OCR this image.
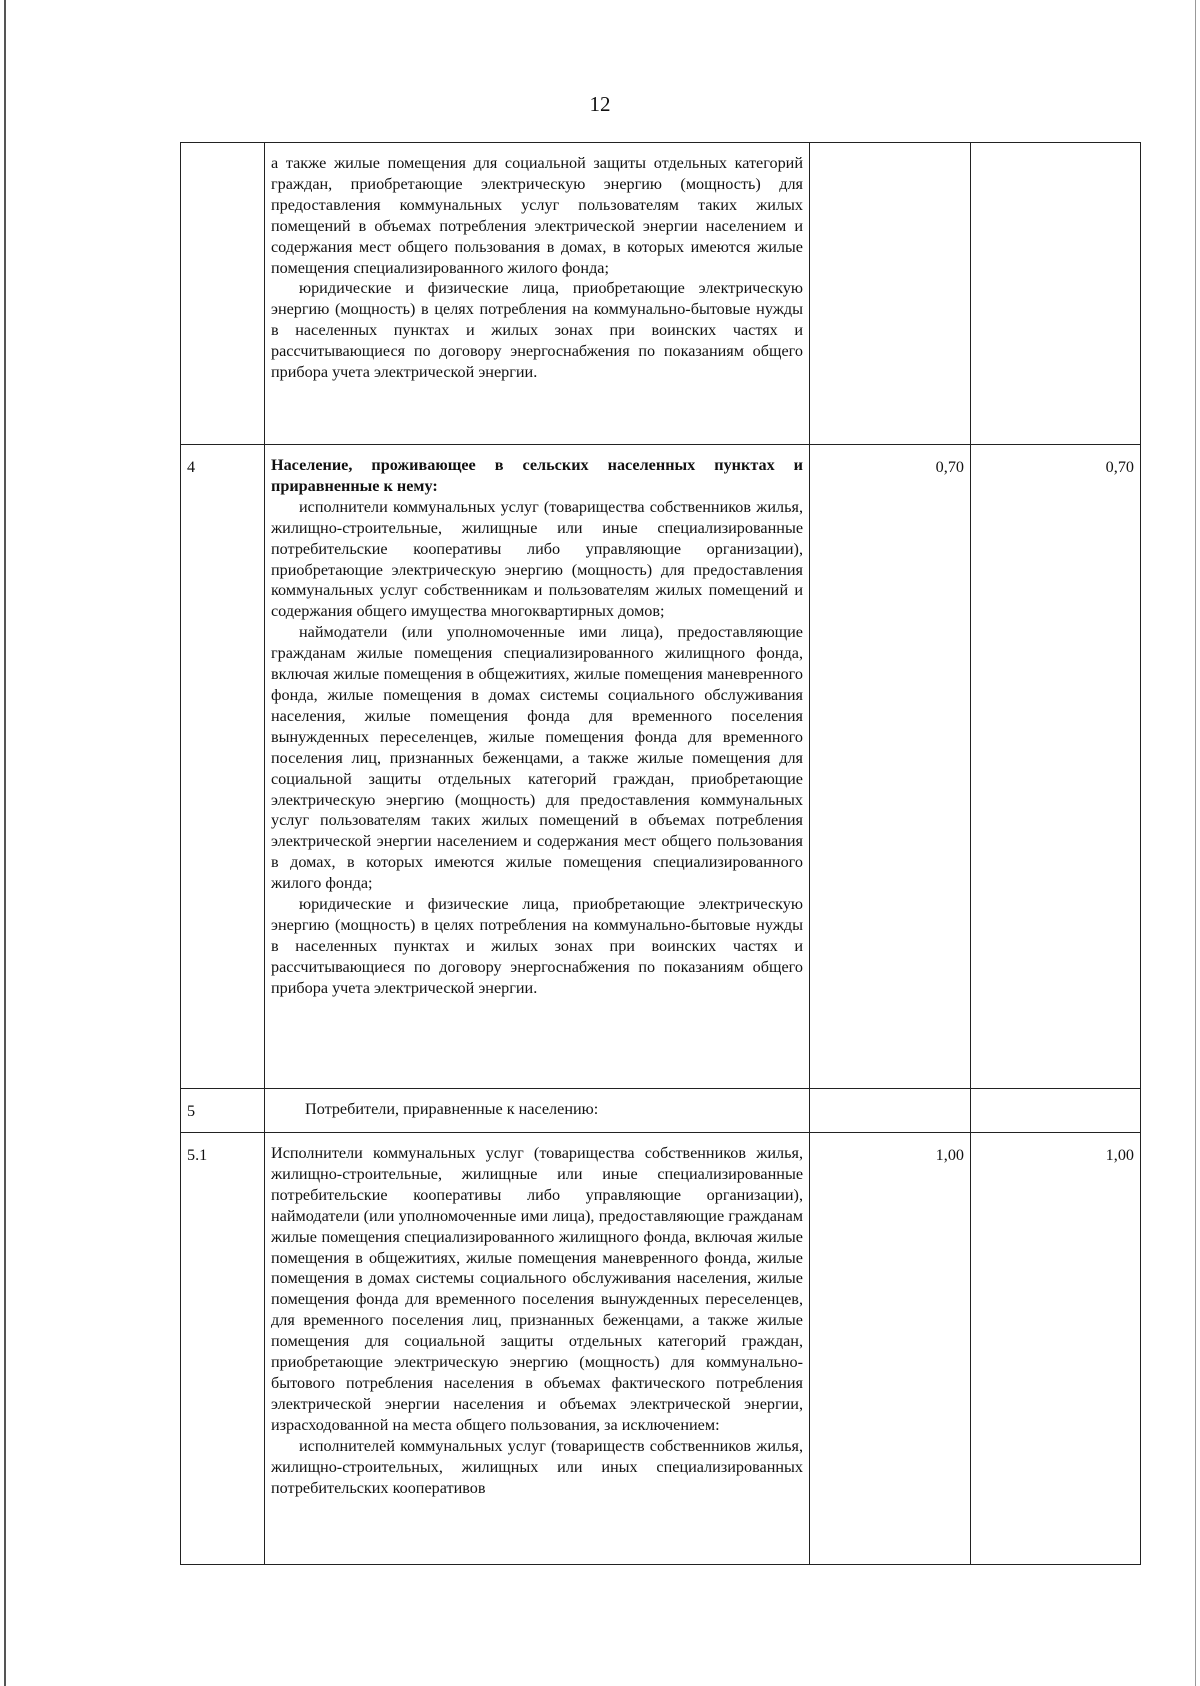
12

	а также жилые помещения для социальной защиты отдельных категорий граждан, приобретающие электрическую энергию (мощность) для предоставления коммунальных услуг пользователям таких жилых помещений в объемах потребления электрической энергии населением и содержания мест общего пользования в домах, в которых имеются жилые помещения специализированного жилого фонда;

юридические и физические лица, приобретающие электрическую энергию (мощность) в целях потребления на коммунально-бытовые нужды в населенных пунктах и жилых зонах при воинских частях и рассчитывающиеся по договору энергоснабжения по показаниям общего прибора учета электрической энергии.		

4	Население, проживающее в сельских населенных пунктах и приравненные к нему:

исполнители коммунальных услуг (товарищества собственников жилья, жилищно-строительные, жилищные или иные специализированные потребительские кооперативы либо управляющие организации), приобретающие электрическую энергию (мощность) для предоставления коммунальных услуг собственникам и пользователям жилых помещений и содержания общего имущества многоквартирных домов;

наймодатели (или уполномоченные ими лица), предоставляющие гражданам жилые помещения специализированного жилищного фонда, включая жилые помещения в общежитиях, жилые помещения маневренного фонда, жилые помещения в домах системы социального обслуживания населения, жилые помещения фонда для временного поселения вынужденных переселенцев, жилые помещения фонда для временного поселения лиц, признанных беженцами, а также жилые помещения для социальной защиты отдельных категорий граждан, приобретающие электрическую энергию (мощность) для предоставления коммунальных услуг пользователям таких жилых помещений в объемах потребления электрической энергии населением и содержания мест общего пользования в домах, в которых имеются жилые помещения специализированного жилого фонда;

юридические и физические лица, приобретающие электрическую энергию (мощность) в целях потребления на коммунально-бытовые нужды в населенных пунктах и жилых зонах при воинских частях и рассчитывающиеся по договору энергоснабжения по показаниям общего прибора учета электрической энергии.	0,70	0,70
5	Потребители, приравненные к населению:		

5.1	Исполнители коммунальных услуг (товарищества собственников жилья, жилищно-строительные, жилищные или иные специализированные потребительские кооперативы либо управляющие организации), наймодатели (или уполномоченные ими лица), предоставляющие гражданам жилые помещения специализированного жилищного фонда, включая жилые помещения в общежитиях, жилые помещения маневренного фонда, жилые помещения в домах системы социального обслуживания населения, жилые помещения фонда для временного поселения вынужденных переселенцев, для временного поселения лиц, признанных беженцами, а также жилые помещения для социальной защиты отдельных категорий граждан, приобретающие электрическую энергию (мощность) для коммунально-бытового потребления населения в объемах фактического потребления электрической энергии населения и объемах электрической энергии, израсходованной на места общего пользования, за исключением:

исполнителей коммунальных услуг (товариществ собственников жилья, жилищно-строительных, жилищных или иных специализированных потребительских кооперативов	1,00	1,00
